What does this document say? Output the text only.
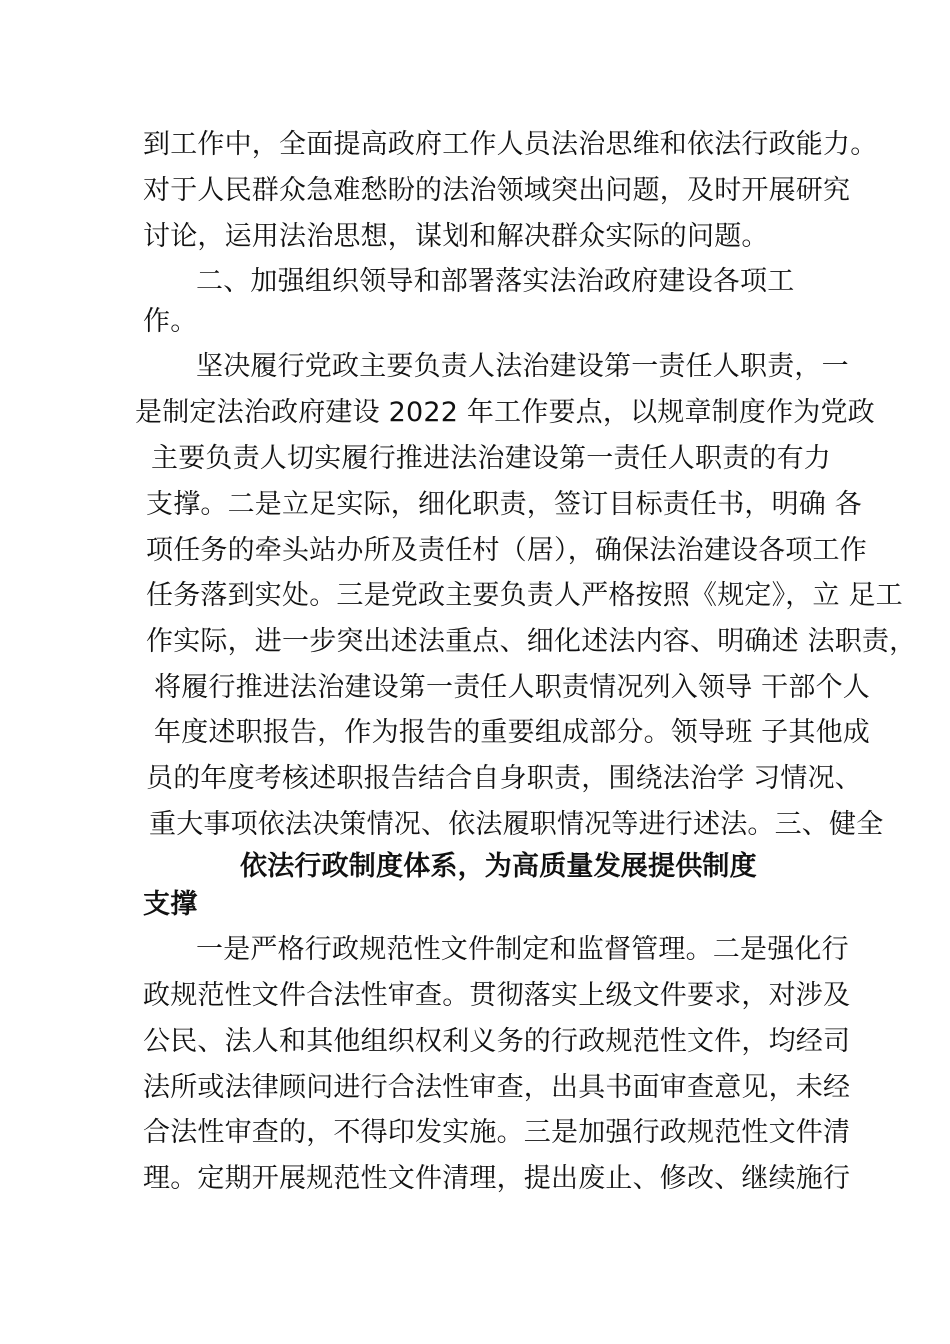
到工作中，全面提高政府工作人员法治思维和依法行政能力。
对于人民群众急难愁盼的法治领域突出问题，及时开展研究
讨论，运用法治思想，谋划和解决群众实际的问题。
二、加强组织领导和部署落实法治政府建设各项工
作。
坚决履行党政主要负责人法治建设第一责任人职责，一
是制定法治政府建设 2022 年工作要点，以规章制度作为党政
主要负责人切实履行推进法治建设第一责任人职责的有力
支撑。二是立足实际，细化职责，签订目标责任书，明确 各
项任务的牵头站办所及责任村（居），确保法治建设各项工作
任务落到实处。三是党政主要负责人严格按照《规定》，立 足工
作实际，进一步突出述法重点、细化述法内容、明确述 法职责，
将履行推进法治建设第一责任人职责情况列入领导 干部个人
年度述职报告，作为报告的重要组成部分。领导班 子其他成
员的年度考核述职报告结合自身职责，围绕法治学 习情况、
重大事项依法决策情况、依法履职情况等进行述法。三、健全
依法行政制度体系，为高质量发展提供制度
支撑
一是严格行政规范性文件制定和监督管理。二是强化行
政规范性文件合法性审查。贯彻落实上级文件要求，对涉及
公民、法人和其他组织权利义务的行政规范性文件，均经司
法所或法律顾问进行合法性审查，出具书面审查意见，未经
合法性审查的，不得印发实施。三是加强行政规范性文件清
理。定期开展规范性文件清理，提出废止、修改、继续施行
